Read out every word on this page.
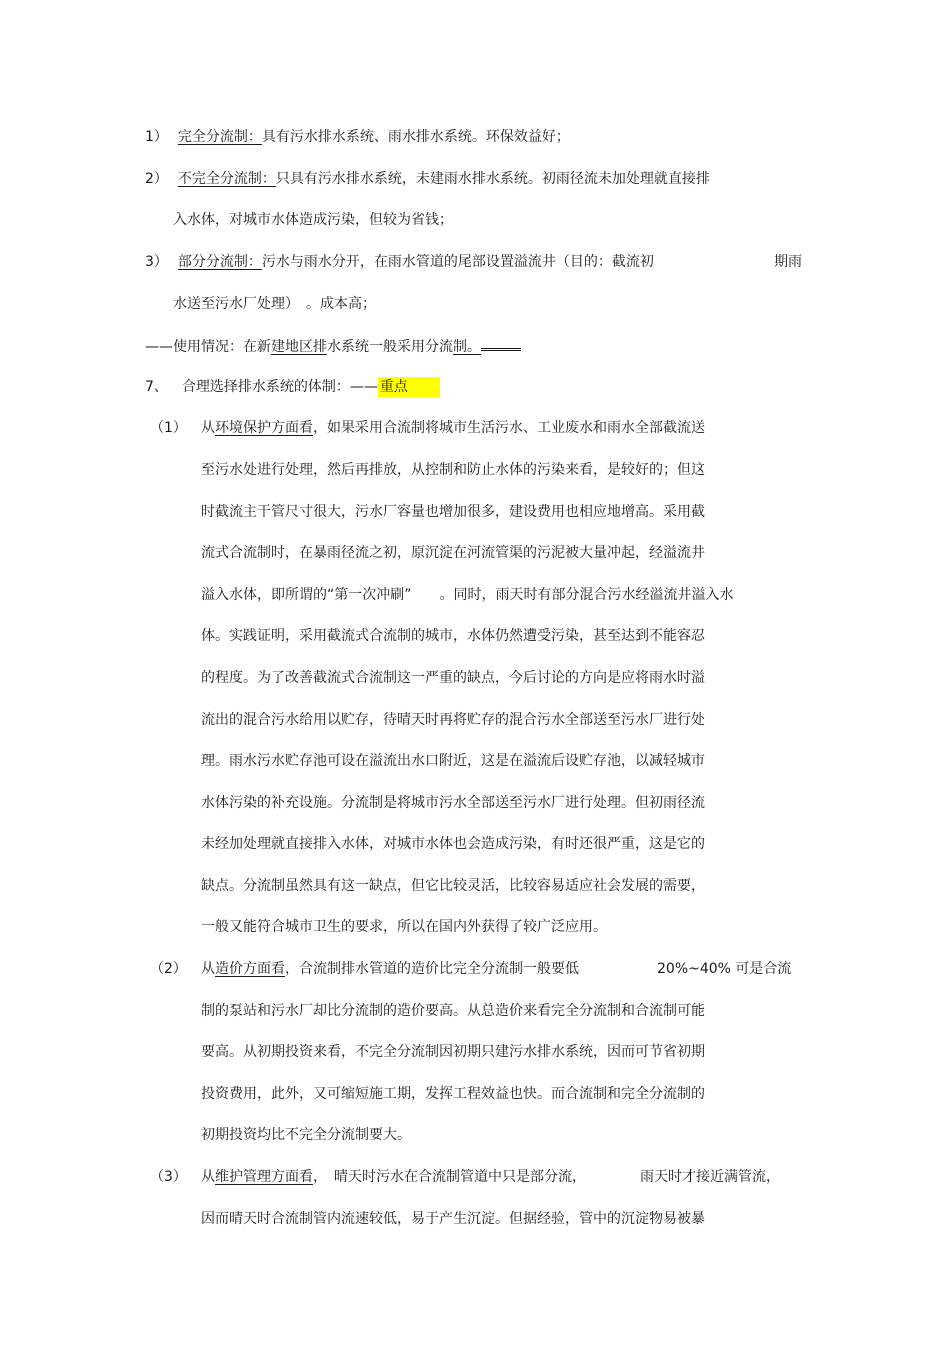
1） 完全分流制：具有污水排水系统、雨水排水系统。环保效益好；
2） 不完全分流制：只具有污水排水系统，未建雨水排水系统。初雨径流未加处理就直接排
入水体，对城市水体造成污染，但较为省钱；
3） 部分分流制：污水与雨水分开，在雨水管道的尾部设置溢流井（目的：截流初	期雨
水送至污水厂处理）　。成本高；
——使用情况：在新建地区排水系统一般采用分流制。
7、 合理选择排水系统的体制：—— 重点
（1） 从环境保护方面看，如果采用合流制将城市生活污水、工业废水和雨水全部截流送
至污水处进行处理，然后再排放，从控制和防止水体的污染来看，是较好的；但这
时截流主干管尺寸很大，污水厂容量也增加很多，建设费用也相应地增高。采用截
流式合流制时，在暴雨径流之初，原沉淀在河流管渠的污泥被大量冲起，经溢流井
溢入水体，即所谓的“第一次冲刷”　　。同时，雨天时有部分混合污水经溢流井溢入水
体。实践证明，采用截流式合流制的城市，水体仍然遭受污染，甚至达到不能容忍
的程度。为了改善截流式合流制这一严重的缺点，今后讨论的方向是应将雨水时溢
流出的混合污水给用以贮存，待晴天时再将贮存的混合污水全部送至污水厂进行处
理。雨水污水贮存池可设在溢流出水口附近，这是在溢流后设贮存池，以减轻城市
水体污染的补充设施。分流制是将城市污水全部送至污水厂进行处理。但初雨径流
未经加处理就直接排入水体，对城市水体也会造成污染，有时还很严重，这是它的
缺点。分流制虽然具有这一缺点，但它比较灵活，比较容易适应社会发展的需要，
一般又能符合城市卫生的要求，所以在国内外获得了较广泛应用。
（2） 从造价方面看，合流制排水管道的造价比完全分流制一般要低	20%~40% 可是合流
制的泵站和污水厂却比分流制的造价要高。从总造价来看完全分流制和合流制可能
要高。从初期投资来看，不完全分流制因初期只建污水排水系统，因而可节省初期
投资费用，此外，又可缩短施工期，发挥工程效益也快。而合流制和完全分流制的
初期投资均比不完全分流制要大。
（3） 从维护管理方面看，　晴天时污水在合流制管道中只是部分流，	雨天时才接近满管流，
因而晴天时合流制管内流速较低，易于产生沉淀。但据经验，管中的沉淀物易被暴
